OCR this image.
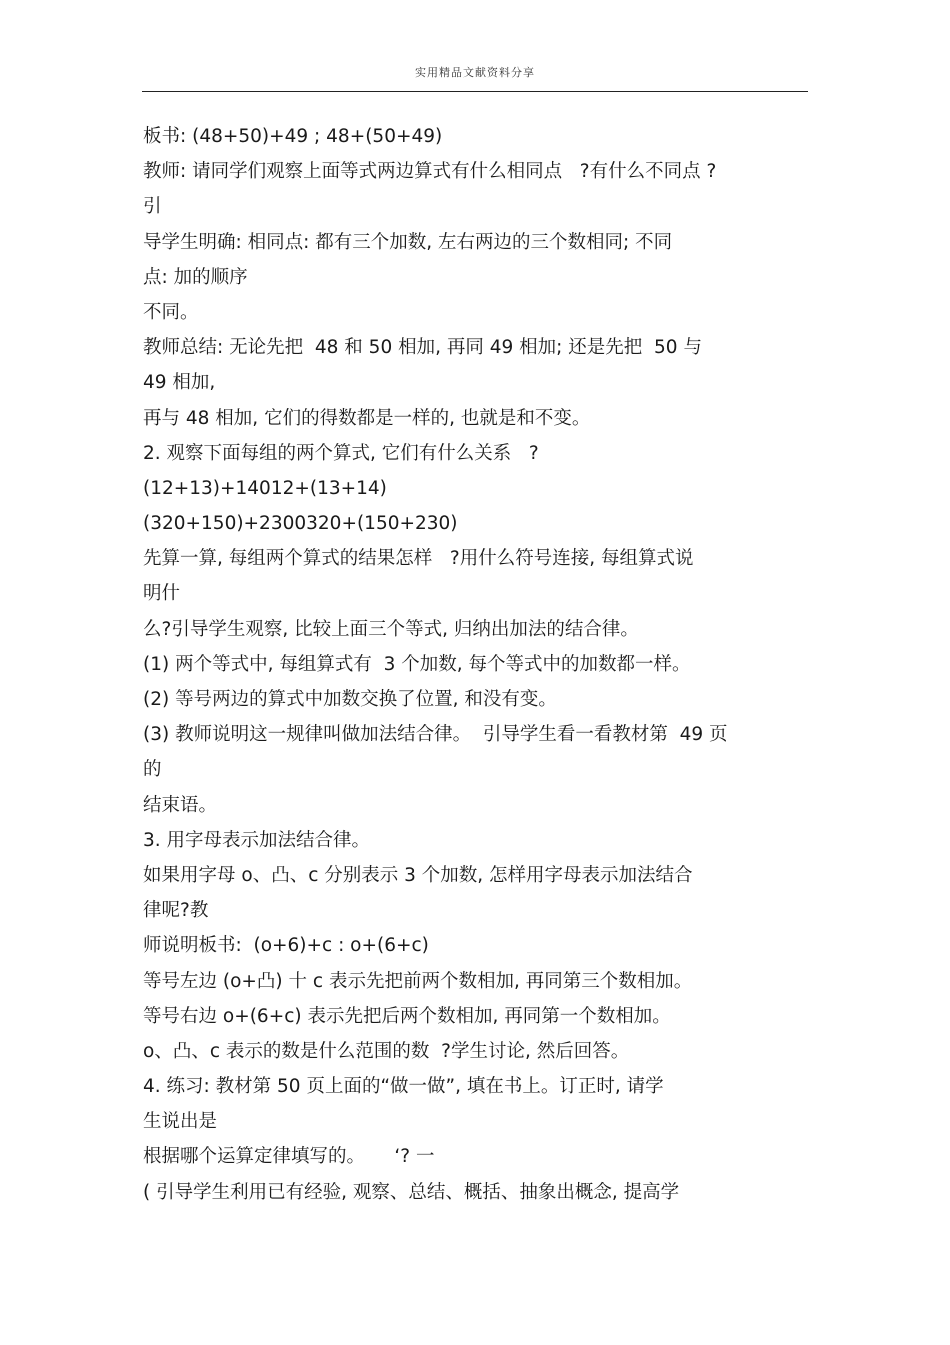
实用精品文献资料分享
板书: (48+50)+49 ; 48+(50+49)
教师: 请同学们观察上面等式两边算式有什么相同点   ?有什么不同点 ?
引
导学生明确: 相同点: 都有三个加数, 左右两边的三个数相同; 不同
点: 加的顺序
不同。
教师总结: 无论先把  48 和 50 相加, 再同 49 相加; 还是先把  50 与
49 相加,
再与 48 相加, 它们的得数都是一样的, 也就是和不变。
2. 观察下面每组的两个算式, 它们有什么关系   ?
(12+13)+14012+(13+14)
(320+150)+2300320+(150+230)
先算一算, 每组两个算式的结果怎样   ?用什么符号连接, 每组算式说
明什
么?引导学生观察, 比较上面三个等式, 归纳出加法的结合律。
(1) 两个等式中, 每组算式有  3 个加数, 每个等式中的加数都一样。
(2) 等号两边的算式中加数交换了位置, 和没有变。
(3) 教师说明这一规律叫做加法结合律。  引导学生看一看教材第  49 页
的
结束语。
3. 用字母表示加法结合律。
如果用字母 o、凸、c 分别表示 3 个加数, 怎样用字母表示加法结合
律呢?教
师说明板书:  (o+6)+c : o+(6+c)
等号左边 (o+凸) 十 c 表示先把前两个数相加, 再同第三个数相加。
等号右边 o+(6+c) 表示先把后两个数相加, 再同第一个数相加。
o、凸、c 表示的数是什么范围的数  ?学生讨论, 然后回答。
4. 练习: 教材第 50 页上面的“做一做”, 填在书上。订正时, 请学
生说出是
根据哪个运算定律填写的。     ‘? 一
( 引导学生利用已有经验, 观察、总结、概括、抽象出概念, 提高学
